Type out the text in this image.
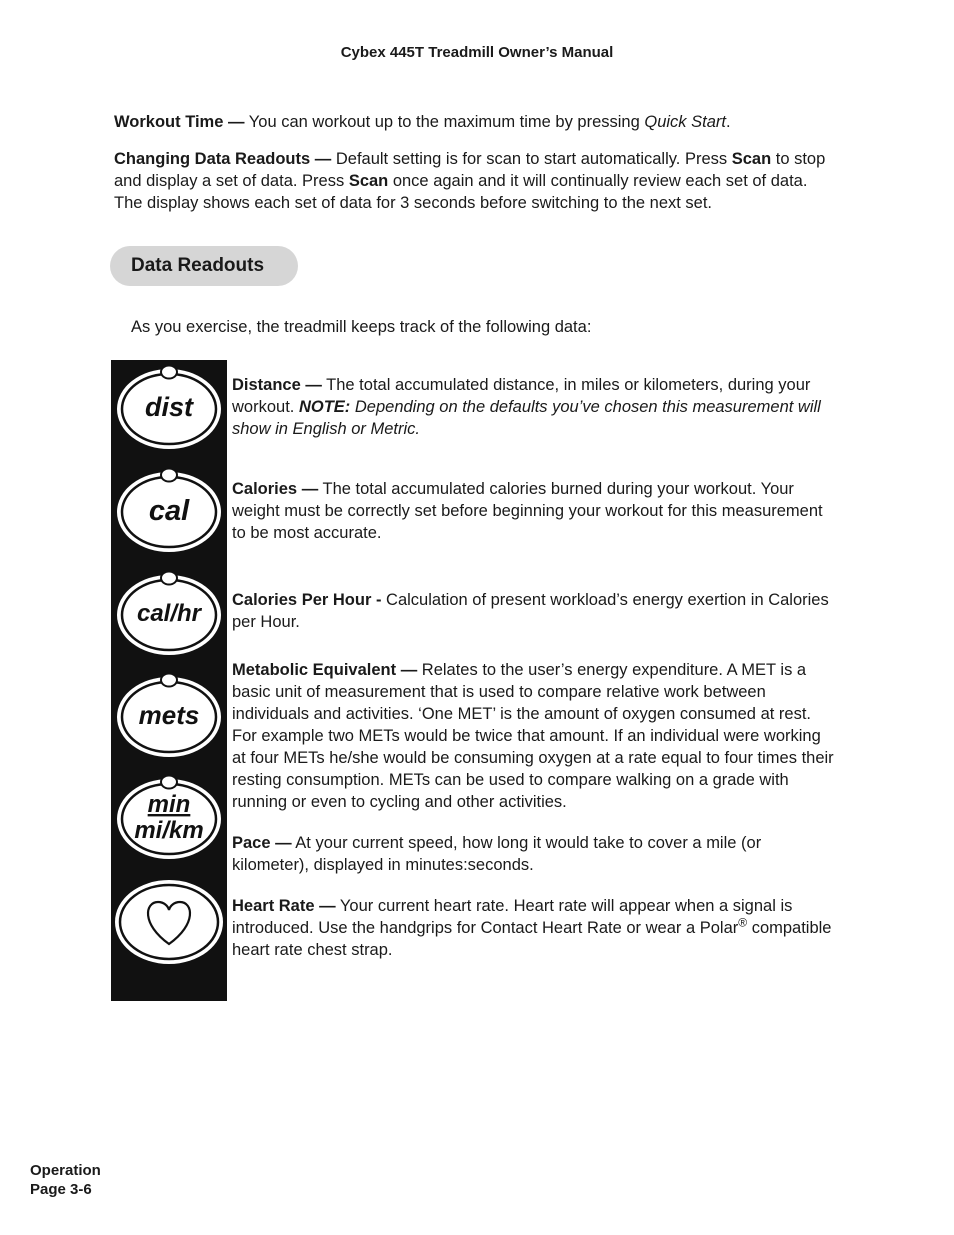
Cybex 445T Treadmill Owner’s Manual
Workout Time — You can workout up to the maximum time by pressing Quick Start.
Changing Data Readouts — Default setting is for scan to start automatically. Press Scan to stop and display a set of data. Press Scan once again and it will continually review each set of data. The display shows each set of data for 3 seconds before switching to the next set.
Data Readouts
As you exercise, the treadmill keeps track of the following data:
dist
cal
cal/hr
mets
min
mi/km
Distance — The total accumulated distance, in miles or kilometers, during your workout. NOTE: Depending on the defaults you’ve chosen this measurement will show in English or Metric.
Calories — The total accumulated calories burned during your workout. Your weight must be correctly set before beginning your workout for this measurement to be most accurate.
Calories Per Hour - Calculation of present workload’s energy exertion in Calories per Hour.
Metabolic Equivalent — Relates to the user’s energy expenditure. A MET is a basic unit of measurement that is used to compare relative work between individuals and activities. ‘One MET’ is the amount of oxygen consumed at rest. For example two METs would be twice that amount. If an individual were working at four METs he/she would be consuming oxygen at a rate equal to four times their resting consumption. METs can be used to compare walking on a grade with running or even to cycling and other activities.
Pace — At your current speed, how long it would take to cover a mile (or kilometer), displayed in minutes:seconds.
Heart Rate — Your current heart rate. Heart rate will appear when a signal is introduced. Use the handgrips for Contact Heart Rate or wear a Polar® compatible heart rate chest strap.
Operation
Page 3-6
